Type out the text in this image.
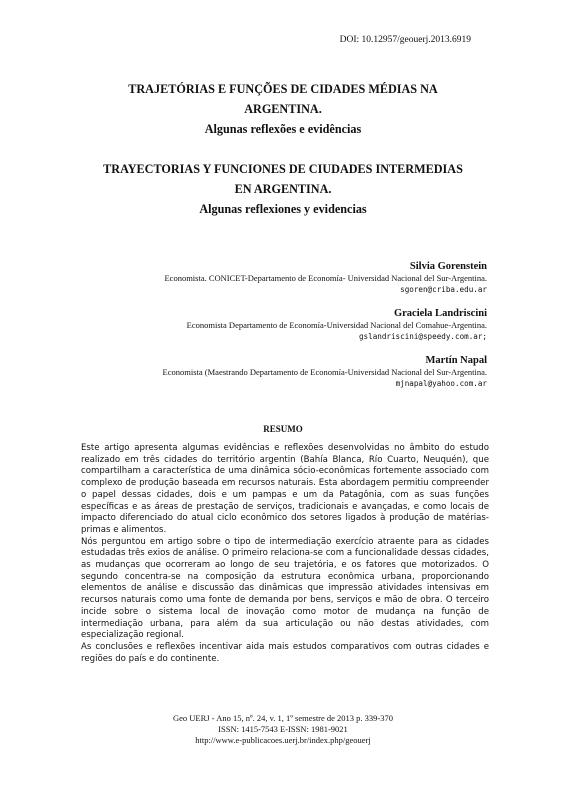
DOI: 10.12957/geouerj.2013.6919
TRAJETÓRIAS E FUNÇÕES DE CIDADES MÉDIAS NA
ARGENTINA.
Algunas reflexões e evidências
TRAYECTORIAS Y FUNCIONES DE CIUDADES INTERMEDIAS
EN ARGENTINA.
Algunas reflexiones y evidencias
Silvia Gorenstein
Economista. CONICET-Departamento de Economía- Universidad Nacional del Sur-Argentina.
sgoren@criba.edu.ar
Graciela Landriscini
Economista Departamento de Economía-Universidad Nacional del Comahue-Argentina.
gslandriscini@speedy.com.ar;
Martín Napal
Economista (Maestrando Departamento de Economía-Universidad Nacional del Sur-Argentina.
mjnapal@yahoo.com.ar
RESUMO

Este artigo apresenta algumas evidências e reflexões desenvolvidas no âmbito do estudo realizado em três cidades do território argentin (Bahía Blanca, Río Cuarto, Neuquén), que compartilham a característica de uma dinâmica sócio-econômicas fortemente associado com complexo de produção baseada em recursos naturais. Esta abordagem permitiu compreender o papel dessas cidades, dois e um pampas e um da Patagônia, com as suas funções específicas e as áreas de prestação de serviços, tradicionais e avançadas, e como locais de impacto diferenciado do atual ciclo econômico dos setores ligados à produção de matérias-primas e alimentos.

Nós perguntou em artigo sobre o tipo de intermediação exercício atraente para as cidades estudadas três exios de análise. O primeiro relaciona-se com a funcionalidade dessas cidades, as mudanças que ocorreram ao longo de seu trajetória, e os fatores que motorizados. O segundo concentra-se na composição da estrutura econômica urbana, proporcionando elementos de análise e discussão das dinâmicas que impressão atividades intensivas em recursos naturais como uma fonte de demanda por bens, serviços e mão de obra. O terceiro incide sobre o sistema local de inovação como motor de mudança na função de intermediação urbana, para além da sua articulação ou não destas atividades, com especialização regional.

As conclusões e reflexões incentivar aida mais estudos comparativos com outras cidades e regiões do país e do continente.

Geo UERJ - Ano 15, nº. 24, v. 1, 1º semestre de 2013 p. 339-370
ISSN: 1415-7543 E-ISSN: 1981-9021
http://www.e-publicacoes.uerj.br/index.php/geouerj
